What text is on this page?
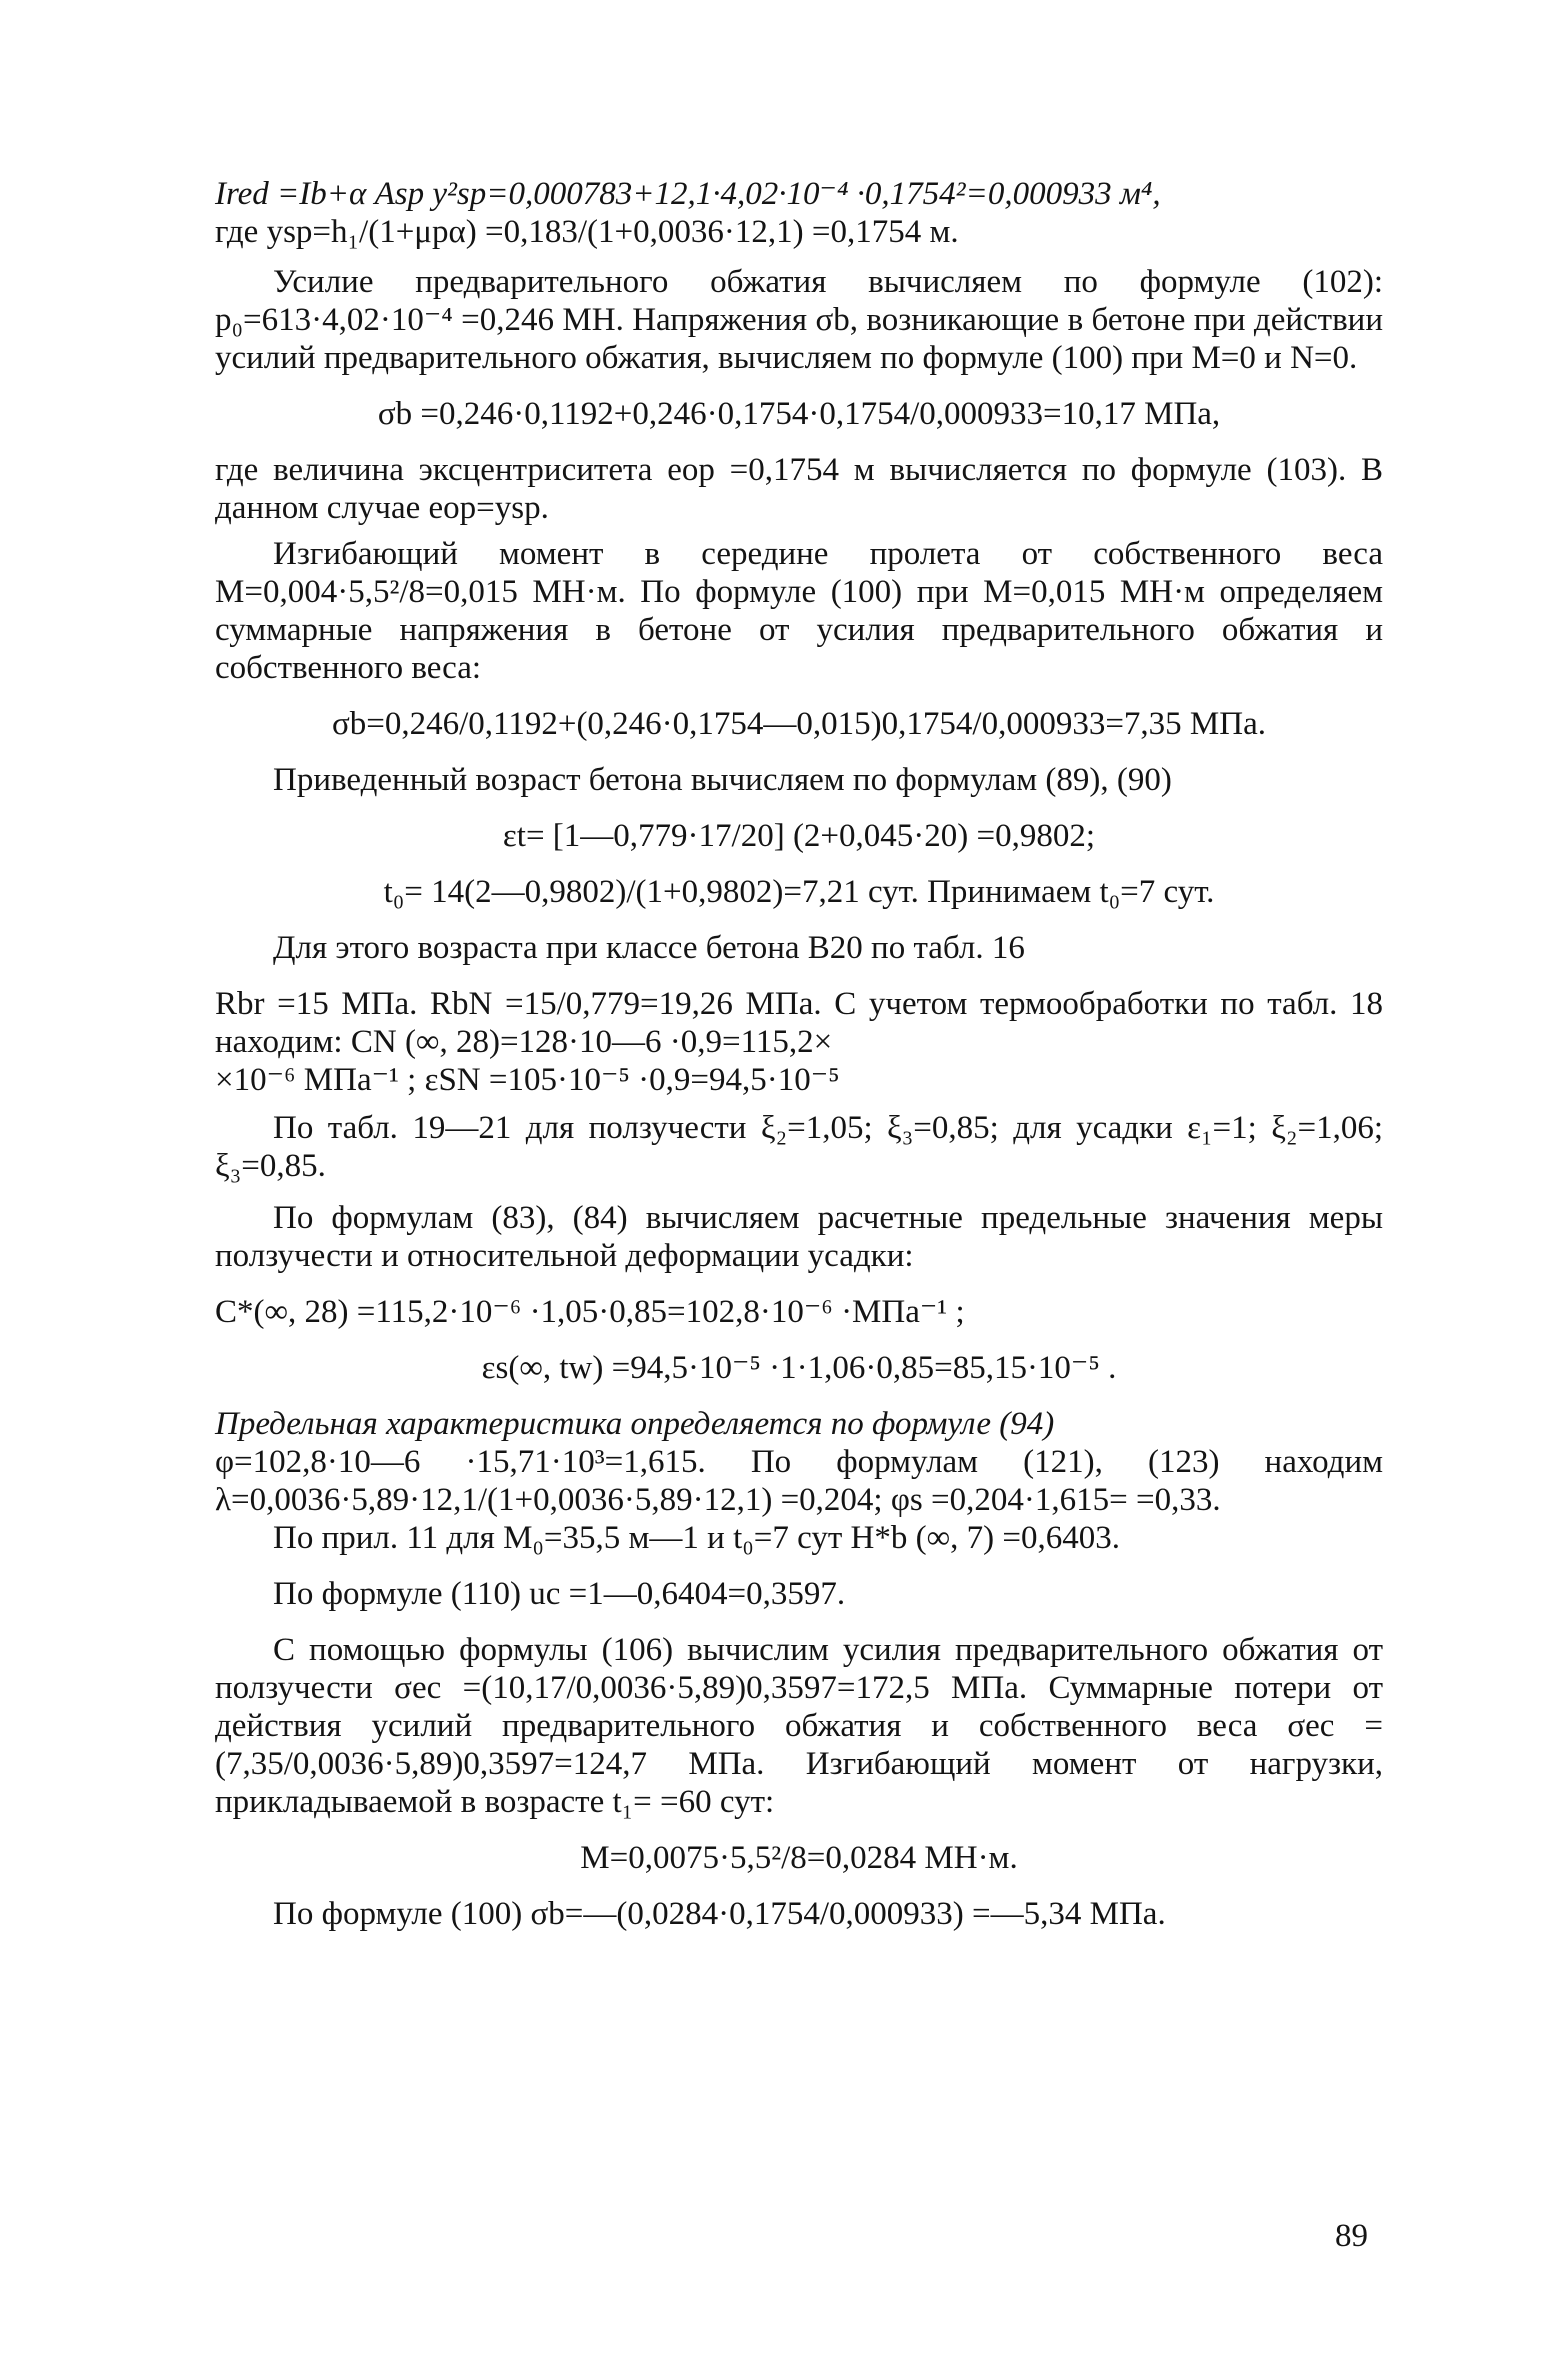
Ired =Ib+α Asp y²sp=0,000783+12,1·4,02·10⁻⁴ ·0,1754²=0,000933 м⁴,
где ysp=h₁/(1+μpα) =0,183/(1+0,0036·12,1) =0,1754 м.

Усилие предварительного обжатия вычисляем по формуле (102): p₀=613·4,02·10⁻⁴ =0,246 МН. Напряжения σb, возникающие в бетоне при действии усилий предварительного обжатия, вычисляем по формуле (100) при M=0 и N=0.

σb =0,246·0,1192+0,246·0,1754·0,1754/0,000933=10,17 МПа,

где величина эксцентриситета eop =0,1754 м вычисляется по формуле (103). В данном случае eop=ysp.

Изгибающий момент в середине пролета от собственного веса M=0,004·5,5²/8=0,015 МН·м. По формуле (100) при M=0,015 МН·м определяем суммарные напряжения в бетоне от усилия предварительного обжатия и собственного веса:

σb=0,246/0,1192+(0,246·0,1754—0,015)0,1754/0,000933=7,35 МПа.

Приведенный возраст бетона вычисляем по формулам (89), (90)

εt= [1—0,779·17/20] (2+0,045·20) =0,9802;
t₀= 14(2—0,9802)/(1+0,9802)=7,21 сут. Принимаем t₀=7 сут.

Для этого возраста при классе бетона В20 по табл. 16

Rbr =15 МПа. RbN =15/0,779=19,26 МПа. С учетом термообработки по табл. 18 находим: CN (∞, 28)=128·10—6 ·0,9=115,2×

×10⁻⁶ МПа⁻¹ ; εSN =105·10⁻⁵ ·0,9=94,5·10⁻⁵

По табл. 19—21 для ползучести ξ₂=1,05; ξ₃=0,85; для усадки ε₁=1; ξ₂=1,06; ξ₃=0,85.

По формулам (83), (84) вычисляем расчетные предельные значения меры ползучести и относительной деформации усадки:

C*(∞, 28) =115,2·10⁻⁶ ·1,05·0,85=102,8·10⁻⁶ ·МПа⁻¹ ;
εs(∞, tw) =94,5·10⁻⁵ ·1·1,06·0,85=85,15·10⁻⁵ .

Предельная характеристика определяется по формуле (94)

φ=102,8·10—6 ·15,71·10³=1,615. По формулам (121), (123) находим λ=0,0036·5,89·12,1/(1+0,0036·5,89·12,1) =0,204; φs =0,204·1,615= =0,33.

По прил. 11 для M₀=35,5 м—1 и t₀=7 сут H*b (∞, 7) =0,6403.

По формуле (110) uc =1—0,6404=0,3597.

С помощью формулы (106) вычислим усилия предварительного обжатия от ползучести σec =(10,17/0,0036·5,89)0,3597=172,5 МПа. Суммарные потери от действия усилий предварительного обжатия и собственного веса σec =(7,35/0,0036·5,89)0,3597=124,7 МПа. Изгибающий момент от нагрузки, прикладываемой в возрасте t₁= =60 сут:

M=0,0075·5,5²/8=0,0284 МН·м.

По формуле (100) σb=—(0,0284·0,1754/0,000933) =—5,34 МПа.

89
